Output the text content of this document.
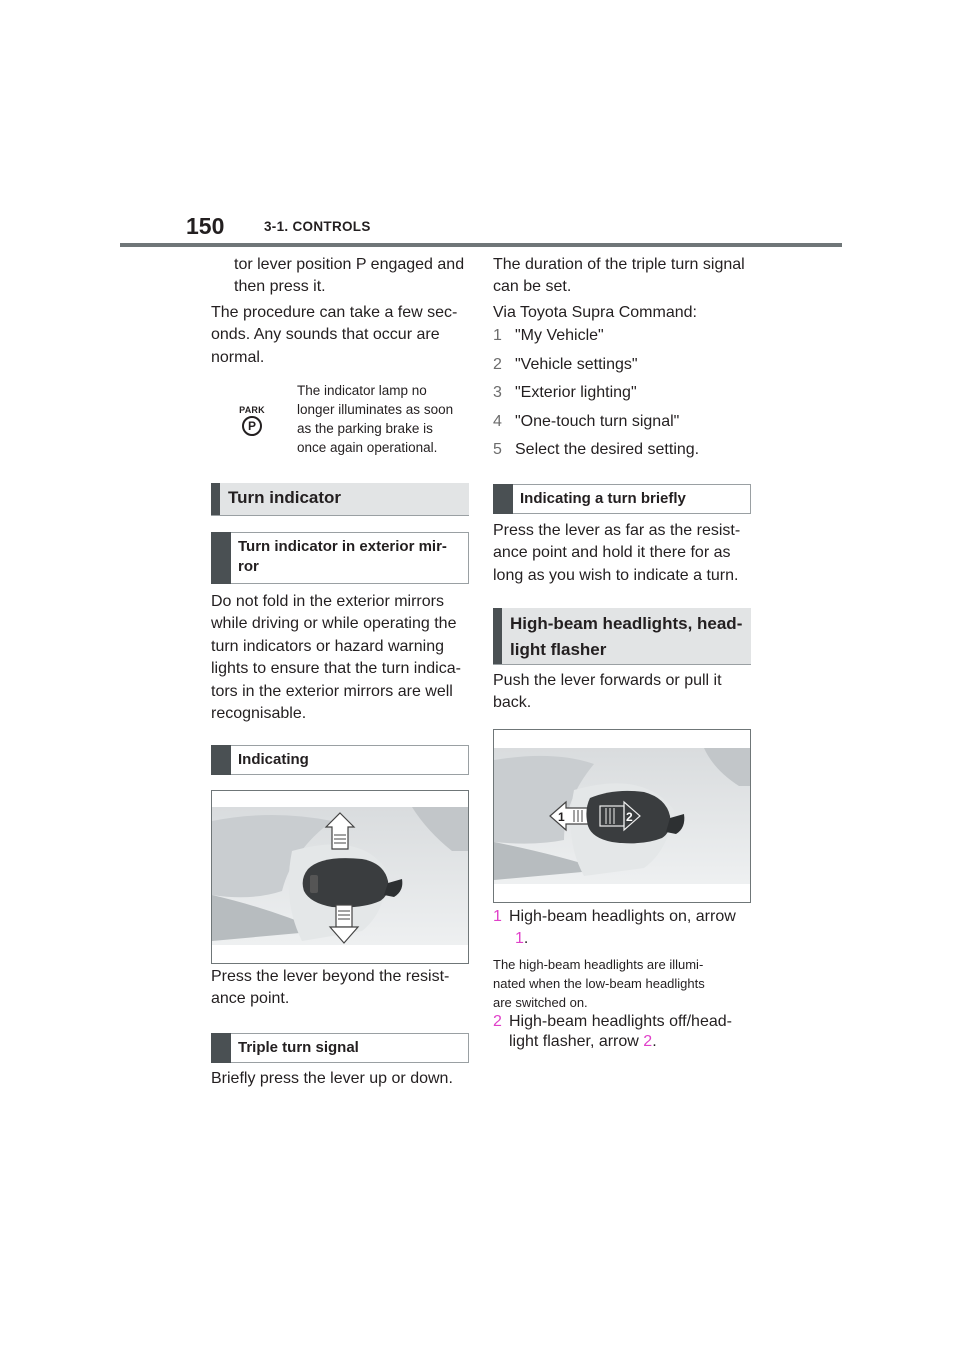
150	3-1. CONTROLS
tor lever position P engaged and
then press it.
The procedure can take a few sec-
onds. Any sounds that occur are
normal.
PARK
P
The indicator lamp no
longer illuminates as soon
as the parking brake is
once again operational.
Turn indicator
Turn indicator in exterior mir-
ror
Do not fold in the exterior mirrors
while driving or while operating the
turn indicators or hazard warning
lights to ensure that the turn indica-
tors in the exterior mirrors are well
recognisable.
Indicating
Press the lever beyond the resist-
ance point.
Triple turn signal
Briefly press the lever up or down.
The duration of the triple turn signal
can be set.
Via Toyota Supra Command:
1 "My Vehicle"
2 "Vehicle settings"
3 "Exterior lighting"
4 "One-touch turn signal"
5 Select the desired setting.
Indicating a turn briefly
Press the lever as far as the resist-
ance point and hold it there for as
long as you wish to indicate a turn.
High-beam headlights, head-
light flasher
Push the lever forwards or pull it
back.
1	2
1 High-beam headlights on, arrow
1.
The high-beam headlights are illumi-
nated when the low-beam headlights
are switched on.
2 High-beam headlights off/head-
light flasher, arrow 2.
